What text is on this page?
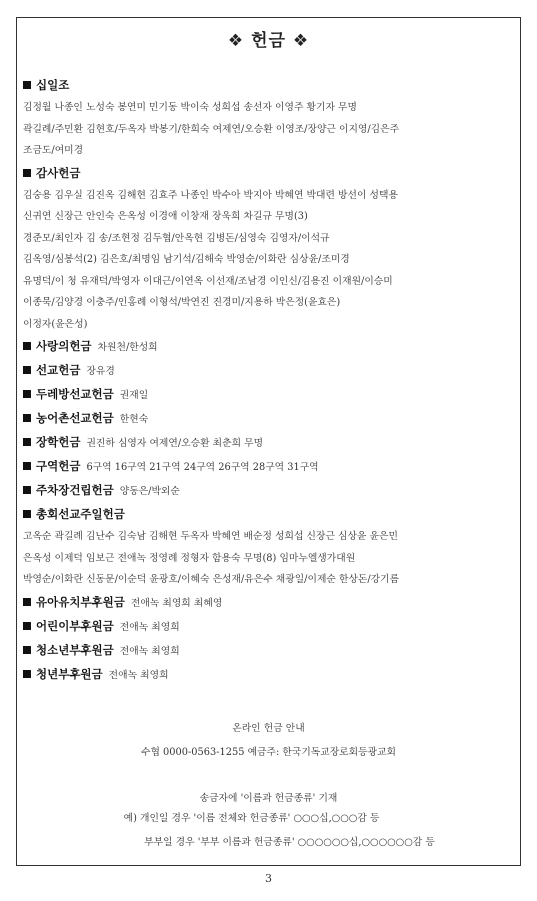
❖ 헌금 ❖
십일조
김정월 나종인 노성숙 봉연미 민기동 박이숙 성희섭 송선자 이영주 황기자 무명
곽길례/주민환 김현호/두옥자 박봉기/한희숙 여제연/오승환 이영조/장양근 이지영/김은주
조금도/여미경
감사헌금
김숭용 김우실 김진옥 김해현 김효주 나종인 박수아 박지아 박혜연 박대련 방선이 성택용
신귀연 신장근 안인숙 은옥성 이경애 이창재 장욱희 차길규 무명(3)
경준모/최인자 김 송/조현정 김두협/안옥현 김병돈/심영숙 김영자/이석규
김옥영/심봉석(2) 김은호/최명임 남기석/김해숙 박영순/이화란 심상윤/조미경
유명덕/이 청 유재덕/박영자 이대근/이연옥 이선재/조남경 이인신/김용진 이재원/이승미
이종묵/김양경 이충주/인홍례 이형석/박연진 진경미/지용하 박은정(윤효은)
이정자(윤은성)
사랑의헌금 차원천/한성희
선교헌금 장유경
두레방선교헌금 권재일
농어촌선교헌금 한현숙
장학헌금 권진하 심영자 여제연/오승환 최춘희 무명
구역헌금 6구역 16구역 21구역 24구역 26구역 28구역 31구역
주차장건립헌금 양동은/박외순
총회선교주일헌금
고옥순 곽길례 김난수 김숙남 김해현 두옥자 박혜연 배순정 성희섭 신장근 심상윤 윤은민
은옥성 이제덕 임보근 전애녹 정영례 정형자 함용숙 무명(8) 임마누엘생가대원
박영순/이화란 신동문/이순덕 윤광호/이혜숙 은성재/유은수 채광일/이제순 한상돈/강기름
유아유치부후원금 전애녹 최영희 최혜영
어린이부후원금 전애녹 최영희
청소년부후원금 전애녹 최영희
청년부후원금 전애녹 최영희
온라인 헌금 안내
수협 0000-0563-1255 예금주: 한국기독교장로회등광교회
송금자에 '이름과 헌금종류' 기재
예) 개인일 경우 '이름 전체와 헌금종류' ○○○십,○○○감 등
부부일 경우 '부부 이름과 헌금종류' ○○○○○○십,○○○○○○감 등
3
